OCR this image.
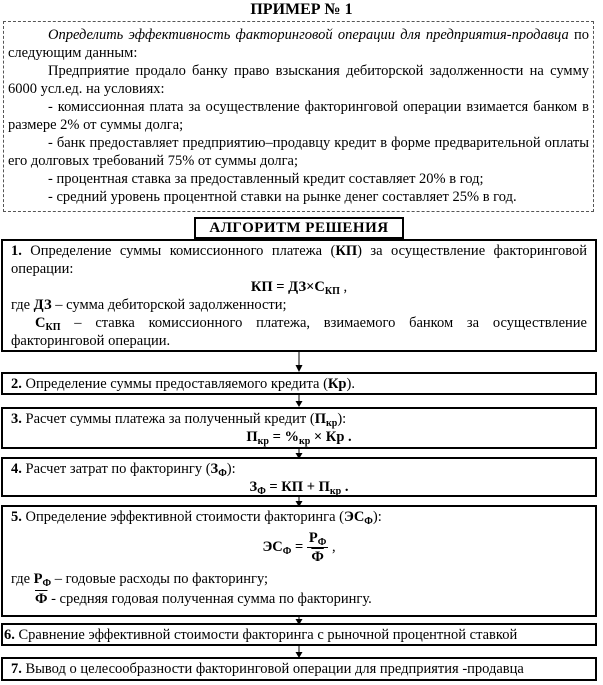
ПРИМЕР № 1

Определить эффективность факторинговой операции для предприятия-продавца по следующим данным:

Предприятие продало банку право взыскания дебиторской задолженности на сумму 6000 усл.ед. на условиях:

- комиссионная плата за осуществление факторинговой операции взимается банком в размере 2% от суммы долга;

- банк предоставляет предприятию–продавцу кредит в форме предварительной оплаты его долговых требований 75% от суммы долга;

- процентная ставка за предоставленный кредит составляет 20% в год;

- средний уровень процентной ставки на рынке денег составляет 25% в год.

АЛГОРИТМ РЕШЕНИЯ

1. Определение суммы комиссионного платежа (КП) за осуществление факторинговой операции:

КП = $ДЗ\times С_{КП}$ ,

где ДЗ – сумма дебиторской задолженности;

$С_{КП}$ – ставка комиссионного платежа, взимаемого банком за осуществление факторинговой операции.

2. Определение суммы предоставляемого кредита (Кр).

3. Расчет суммы платежа за полученный кредит $(П_{кр})$:

$П_{кр} = \%_{кр}$ × Кр .

4. Расчет затрат по факторингу $(З_Ф)$:

$З_Ф$ = КП + $П_{кр}$ .

5. Определение эффективной стоимости факторинга $(ЭС_Ф)$:

$ЭС_Ф = \frac{Р_Ф}{Ф}$ ,

где $Р_Ф$ – годовые расходы по факторингу;

Ф - средняя годовая полученная сумма по факторингу.

6. Сравнение эффективной стоимости факторинга с рыночной процентной ставкой

7. Вывод о целесообразности факторинговой операции для предприятия -продавца
